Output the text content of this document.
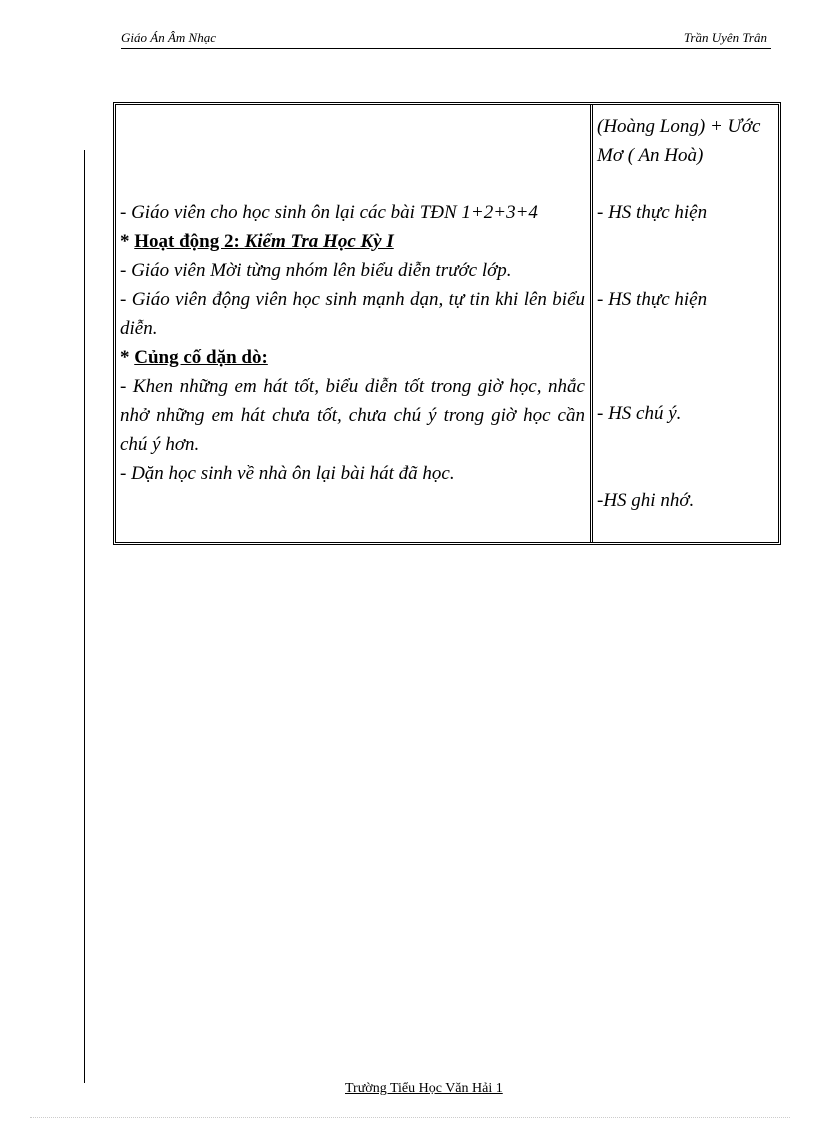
Giáo Án Âm Nhạc	Trần Uyên Trân

- Giáo viên cho học sinh ôn lại các bài TĐN 1+2+3+4

* Hoạt động 2: Kiểm Tra Học Kỳ I

- Giáo viên Mời từng nhóm lên biểu diễn trước lớp.

- Giáo viên động viên học sinh mạnh dạn, tự tin khi lên biểu diễn.

* Củng cố dặn dò:

- Khen những em hát tốt, biểu diễn tốt trong giờ học, nhắc nhở những em hát chưa tốt, chưa chú ý trong giờ học cần chú ý hơn.

- Dặn học sinh về nhà ôn lại bài hát đã học.

(Hoàng Long) + Ước Mơ ( An Hoà)
- HS thực hiện
- HS thực hiện
- HS chú ý.
-HS ghi nhớ.
Trường Tiểu Học Văn Hải 1
